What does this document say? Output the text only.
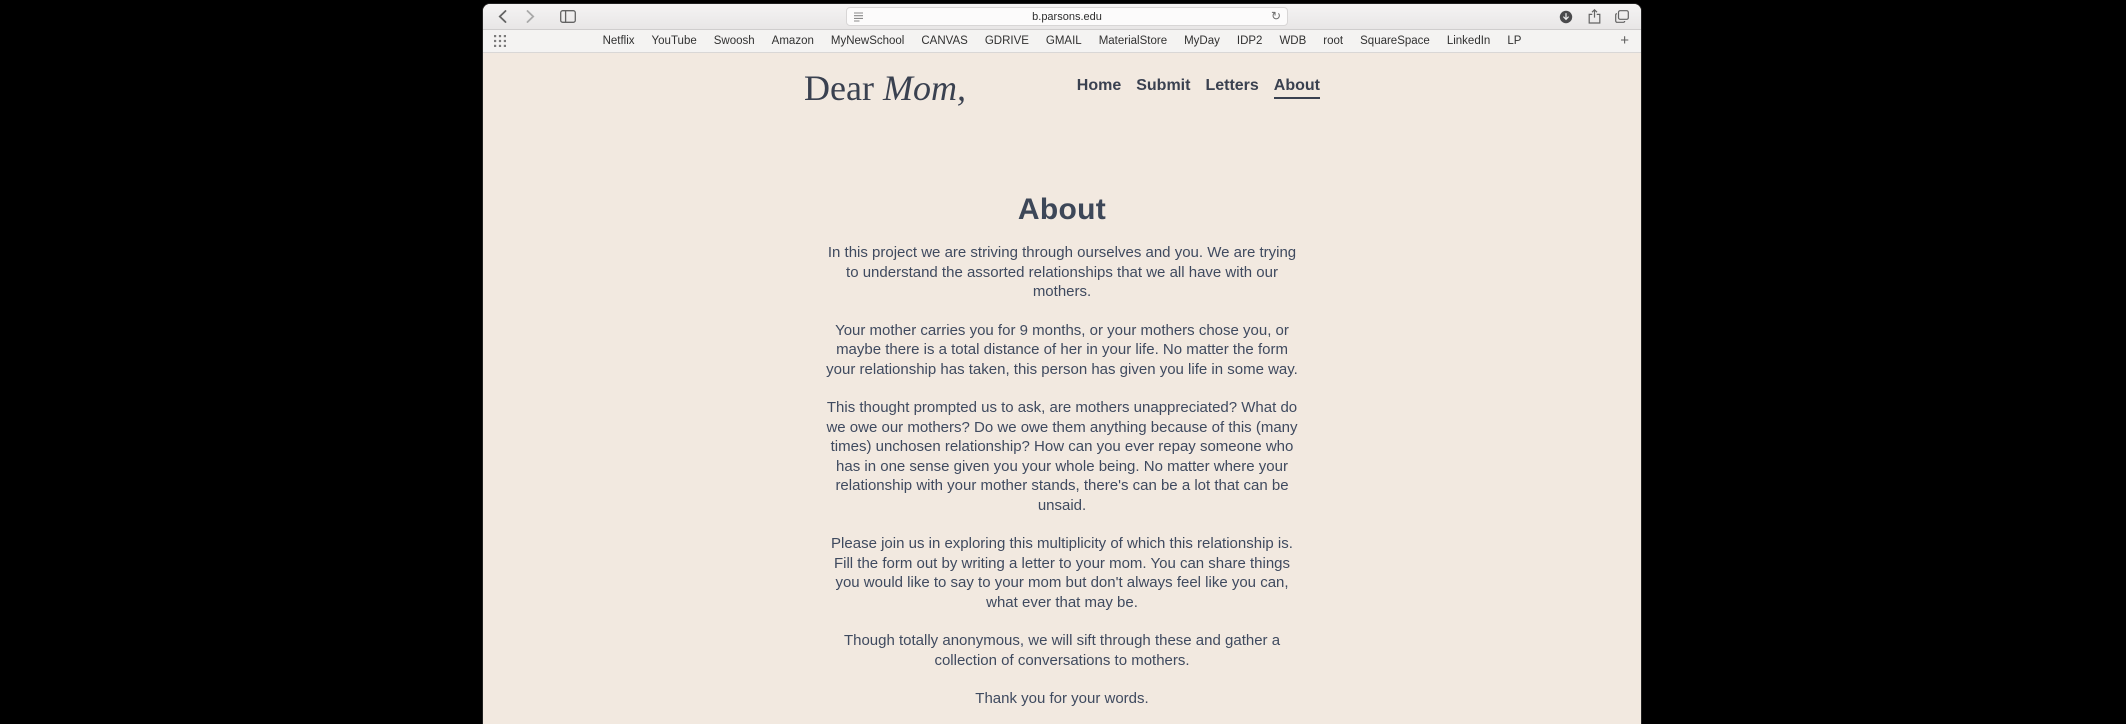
b.parsons.edu	↻
Netflix YouTube Swoosh Amazon MyNewSchool CANVAS GDRIVE GMAIL MaterialStore MyDay IDP2 WDB root SquareSpace LinkedIn LP	+
Dear Mom,	Home Submit Letters About
About

In this project we are striving through ourselves and you. We are trying to understand the assorted relationships that we all have with our mothers.

Your mother carries you for 9 months, or your mothers chose you, or maybe there is a total distance of her in your life. No matter the form your relationship has taken, this person has given you life in some way.

This thought prompted us to ask, are mothers unappreciated? What do we owe our mothers? Do we owe them anything because of this (many times) unchosen relationship? How can you ever repay someone who has in one sense given you your whole being. No matter where your relationship with your mother stands, there's can be a lot that can be unsaid.

Please join us in exploring this multiplicity of which this relationship is. Fill the form out by writing a letter to your mom. You can share things you would like to say to your mom but don't always feel like you can, what ever that may be.

Though totally anonymous, we will sift through these and gather a collection of conversations to mothers.

Thank you for your words.
